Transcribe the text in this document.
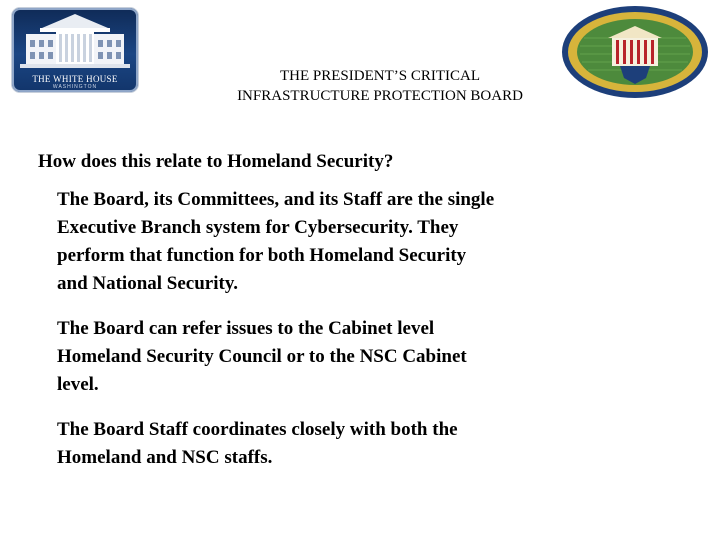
THE WHITE HOUSE
WASHINGTON
THE PRESIDENT’S CRITICAL
INFRASTRUCTURE PROTECTION BOARD
How does this relate to Homeland Security?
The Board, its Committees, and its Staff are the single
Executive Branch system for Cybersecurity. They
perform that function for both Homeland Security
and National Security.
The Board can refer issues to the Cabinet level
Homeland Security Council or to the NSC Cabinet
level.
The Board Staff coordinates closely with both the
Homeland and NSC staffs.
